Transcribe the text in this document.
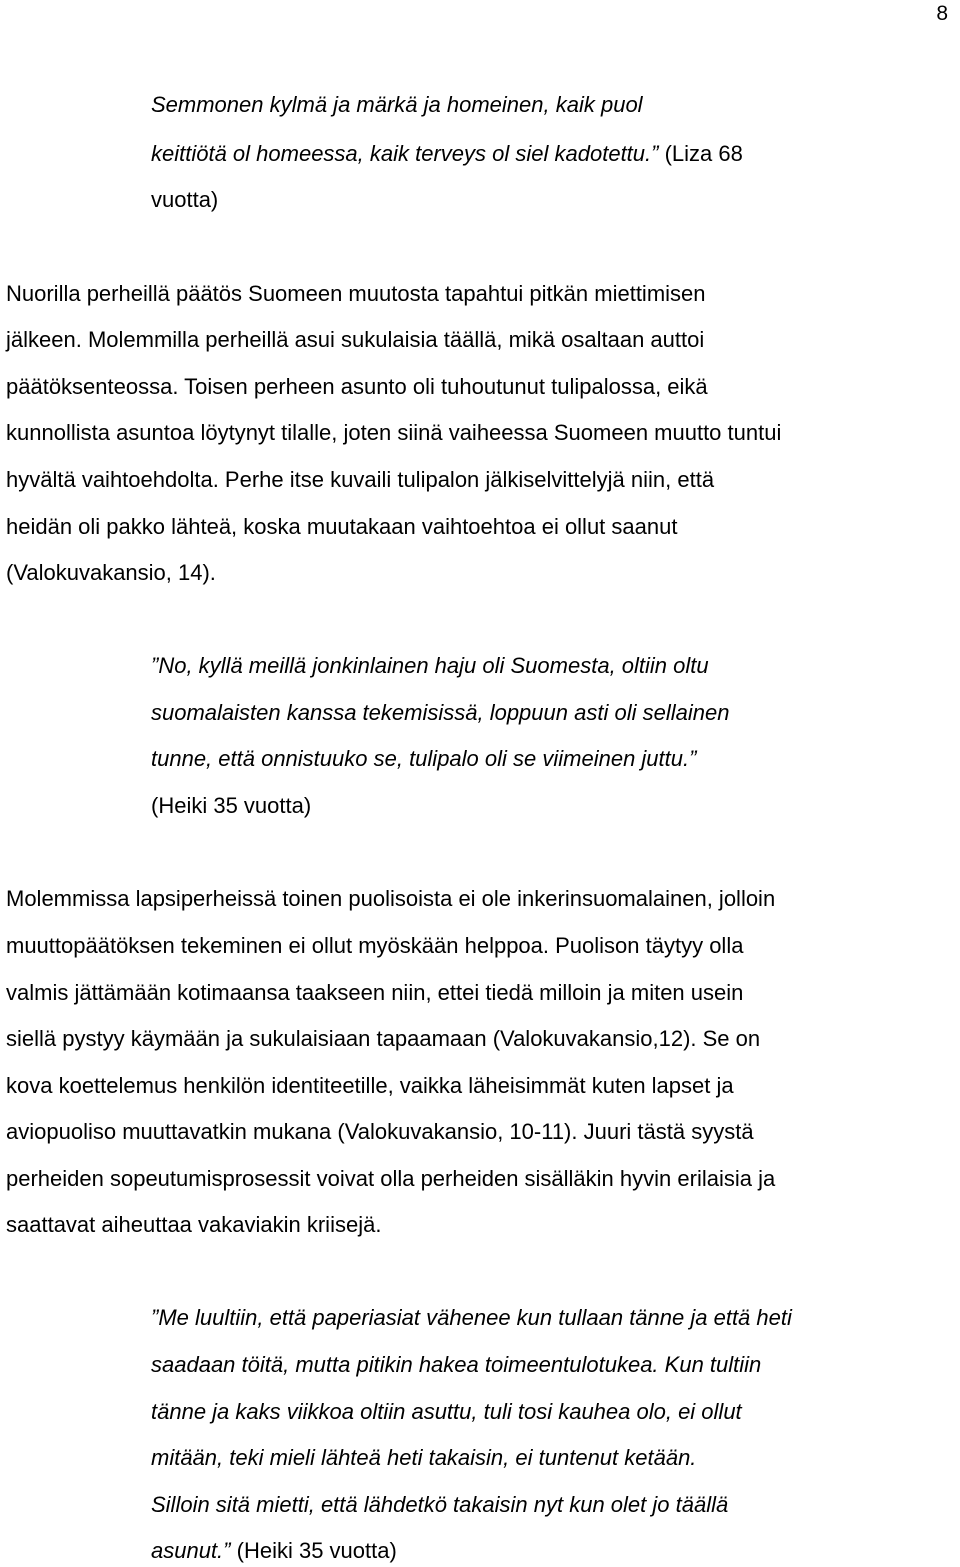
8
Semmonen kylmä ja märkä ja homeinen, kaik puol
keittiötä ol homeessa, kaik terveys ol siel kadotettu.” (Liza 68
vuotta)
Nuorilla perheillä päätös Suomeen muutosta tapahtui pitkän miettimisen
jälkeen. Molemmilla perheillä asui sukulaisia täällä, mikä osaltaan auttoi
päätöksenteossa. Toisen perheen asunto oli tuhoutunut tulipalossa, eikä
kunnollista asuntoa löytynyt tilalle, joten siinä vaiheessa Suomeen muutto tuntui
hyvältä vaihtoehdolta. Perhe itse kuvaili tulipalon jälkiselvittelyjä niin, että
heidän oli pakko lähteä, koska muutakaan vaihtoehtoa ei ollut saanut
(Valokuvakansio, 14).
”No, kyllä meillä jonkinlainen haju oli Suomesta, oltiin oltu
suomalaisten kanssa tekemisissä, loppuun asti oli sellainen
tunne, että onnistuuko se, tulipalo oli se viimeinen juttu.”
(Heiki 35 vuotta)
Molemmissa lapsiperheissä toinen puolisoista ei ole inkerinsuomalainen, jolloin
muuttopäätöksen tekeminen ei ollut myöskään helppoa. Puolison täytyy olla
valmis jättämään kotimaansa taakseen niin, ettei tiedä milloin ja miten usein
siellä pystyy käymään ja sukulaisiaan tapaamaan (Valokuvakansio,12). Se on
kova koettelemus henkilön identiteetille, vaikka läheisimmät kuten lapset ja
aviopuoliso muuttavatkin mukana (Valokuvakansio, 10-11). Juuri tästä syystä
perheiden sopeutumisprosessit voivat olla perheiden sisälläkin hyvin erilaisia ja
saattavat aiheuttaa vakaviakin kriisejä.
”Me luultiin, että paperiasiat vähenee kun tullaan tänne ja että heti
saadaan töitä, mutta pitikin hakea toimeentulotukea. Kun tultiin
tänne ja kaks viikkoa oltiin asuttu, tuli tosi kauhea olo, ei ollut
mitään, teki mieli lähteä heti takaisin, ei tuntenut ketään.
Silloin sitä mietti, että lähdetkö takaisin nyt kun olet jo täällä
asunut.” (Heiki 35 vuotta)
